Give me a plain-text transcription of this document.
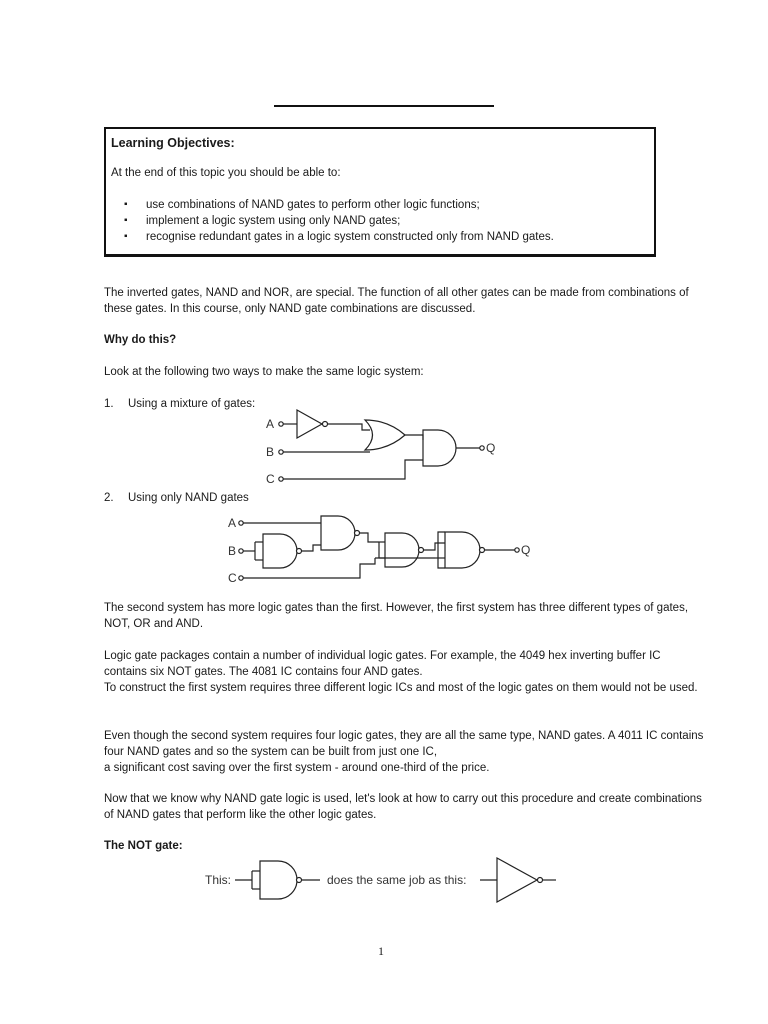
Learning Objectives:
At the end of this topic you should be able to:
▪ use combinations of NAND gates to perform other logic functions;
▪ implement a logic system using only NAND gates;
▪ recognise redundant gates in a logic system constructed only from NAND gates.

The inverted gates, NAND and NOR, are special. The function of all other gates can be made from combinations of these gates. In this course, only NAND gate combinations are discussed.

Why do this?

Look at the following two ways to make the same logic system:

1. Using a mixture of gates:

A
B
C
Q

2. Using only NAND gates

A
B
C
Q

The second system has more logic gates than the first. However, the first system has three different types of gates, NOT, OR and AND.

Logic gate packages contain a number of individual logic gates. For example, the 4049 hex inverting buffer IC contains six NOT gates. The 4081 IC contains four AND gates.

To construct the first system requires three different logic ICs and most of the logic gates on them would not be used.

Even though the second system requires four logic gates, they are all the same type, NAND gates. A 4011 IC contains four NAND gates and so the system can be built from just one IC,

a significant cost saving over the first system - around one-third of the price.

Now that we know why NAND gate logic is used, let's look at how to carry out this procedure and create combinations of NAND gates that perform like the other logic gates.

The NOT gate:

This:	does the same job as this:
1
